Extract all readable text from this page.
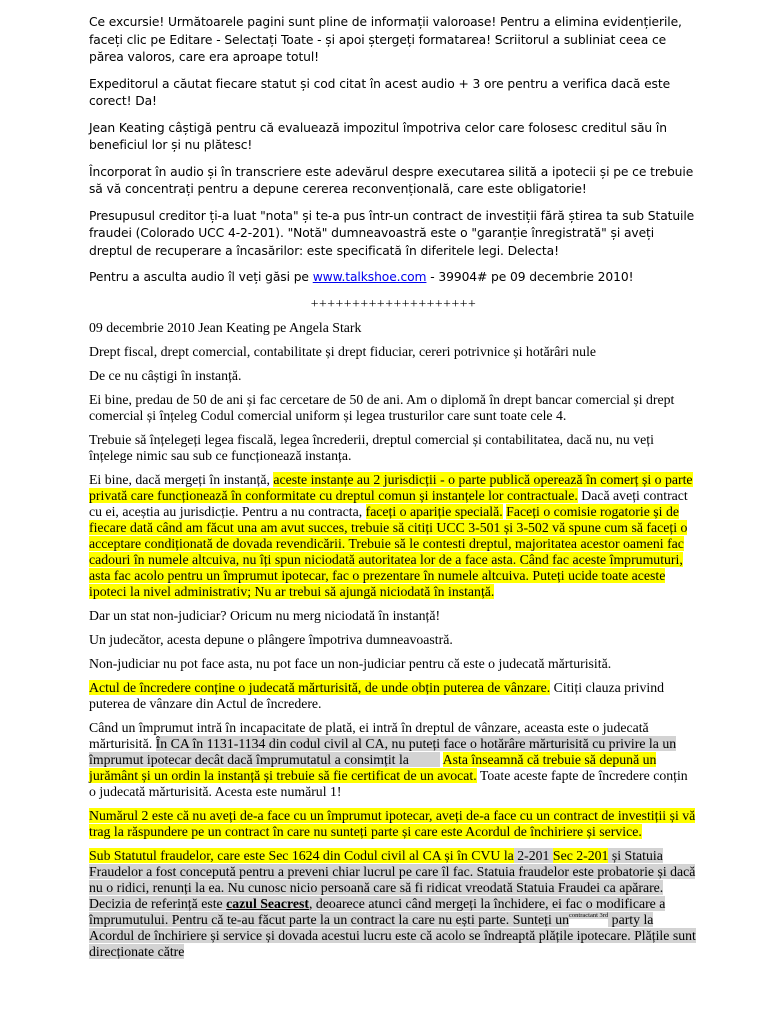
Ce excursie! Următoarele pagini sunt pline de informații valoroase! Pentru a elimina evidențierile, faceți clic pe Editare - Selectați Toate - și apoi ștergeți formatarea! Scriitorul a subliniat ceea ce părea valoros, care era aproape totul!

Expeditorul a căutat fiecare statut și cod citat în acest audio + 3 ore pentru a verifica dacă este corect! Da!

Jean Keating câștigă pentru că evaluează impozitul împotriva celor care folosesc creditul său în beneficiul lor și nu plătesc!

Încorporat în audio și în transcriere este adevărul despre executarea silită a ipotecii și pe ce trebuie să vă concentrați pentru a depune cererea reconvențională, care este obligatorie!

Presupusul creditor ți-a luat "nota" și te-a pus într-un contract de investiții fără știrea ta sub Statuile fraudei (Colorado UCC 4-2-201). "Notă" dumneavoastră este o "garanție înregistrată" și aveți dreptul de recuperare a încasărilor: este specificată în diferitele legi. Delecta!

Pentru a asculta audio îl veți găsi pe www.talkshoe.com - 39904# pe 09 decembrie 2010!

++++++++++++++++++++

09 decembrie 2010 Jean Keating pe Angela Stark

Drept fiscal, drept comercial, contabilitate și drept fiduciar, cereri potrivnice și hotărâri nule

De ce nu câștigi în instanță.

Ei bine, predau de 50 de ani și fac cercetare de 50 de ani. Am o diplomă în drept bancar comercial și drept comercial și înțeleg Codul comercial uniform și legea trusturilor care sunt toate cele 4.

Trebuie să înțelegeți legea fiscală, legea încrederii, dreptul comercial și contabilitatea, dacă nu, nu veți înțelege nimic sau sub ce funcționează instanța.

Ei bine, dacă mergeți în instanță, aceste instanțe au 2 jurisdicții - o parte publică operează în comerț și o parte privată care funcționează în conformitate cu dreptul comun și instanțele lor contractuale. Dacă aveți contract cu ei, aceștia au jurisdicție. Pentru a nu contracta, faceți o apariție specială. Faceți o comisie rogatorie și de fiecare dată când am făcut una am avut succes, trebuie să citiți UCC 3-501 și 3-502 vă spune cum să faceți o acceptare condiționată de dovada revendicării. Trebuie să le contesti dreptul, majoritatea acestor oameni fac cadouri în numele altcuiva, nu îți spun niciodată autoritatea lor de a face asta. Când fac aceste împrumuturi, asta fac acolo pentru un împrumut ipotecar, fac o prezentare în numele altcuiva. Puteți ucide toate aceste ipoteci la nivel administrativ; Nu ar trebui să ajungă niciodată în instanță.

Dar un stat non-judiciar? Oricum nu merg niciodată în instanță!

Un judecător, acesta depune o plângere împotriva dumneavoastră.

Non-judiciar nu pot face asta, nu pot face un non-judiciar pentru că este o judecată mărturisită.

Actul de încredere conține o judecată mărturisită, de unde obțin puterea de vânzare. Citiți clauza privind puterea de vânzare din Actul de încredere.

Când un împrumut intră în incapacitate de plată, ei intră în dreptul de vânzare, aceasta este o judecată mărturisită. În CA în 1131-1134 din codul civil al CA, nu puteți face o hotărâre mărturisită cu privire la un împrumut ipotecar decât dacă împrumutatul a consimțit la Asta înseamnă că trebuie să depună un jurământ și un ordin la instanță și trebuie să fie certificat de un avocat. Toate aceste fapte de încredere conțin o judecată mărturisită. Acesta este numărul 1!

Numărul 2 este că nu aveți de-a face cu un împrumut ipotecar, aveți de-a face cu un contract de investiții și vă trag la răspundere pe un contract în care nu sunteți parte și care este Acordul de închiriere și service.

Sub Statutul fraudelor, care este Sec 1624 din Codul civil al CA și în CVU la 2-201 Sec 2-201 și Statuia Fraudelor a fost concepută pentru a preveni chiar lucrul pe care îl fac. Statuia fraudelor este probatorie și dacă nu o ridici, renunți la ea. Nu cunosc nicio persoană care să fi ridicat vreodată Statuia Fraudei ca apărare. Decizia de referință este cazul Seacrest, deoarece atunci când mergeți la închidere, ei fac o modificare a împrumutului. Pentru că te-au făcut parte la un contract la care nu ești parte. Sunteți $un^{contractant 3rd}$ party la Acordul de închiriere și service și dovada acestui lucru este că acolo se îndreaptă plățile ipotecare. Plățile sunt direcționate către
